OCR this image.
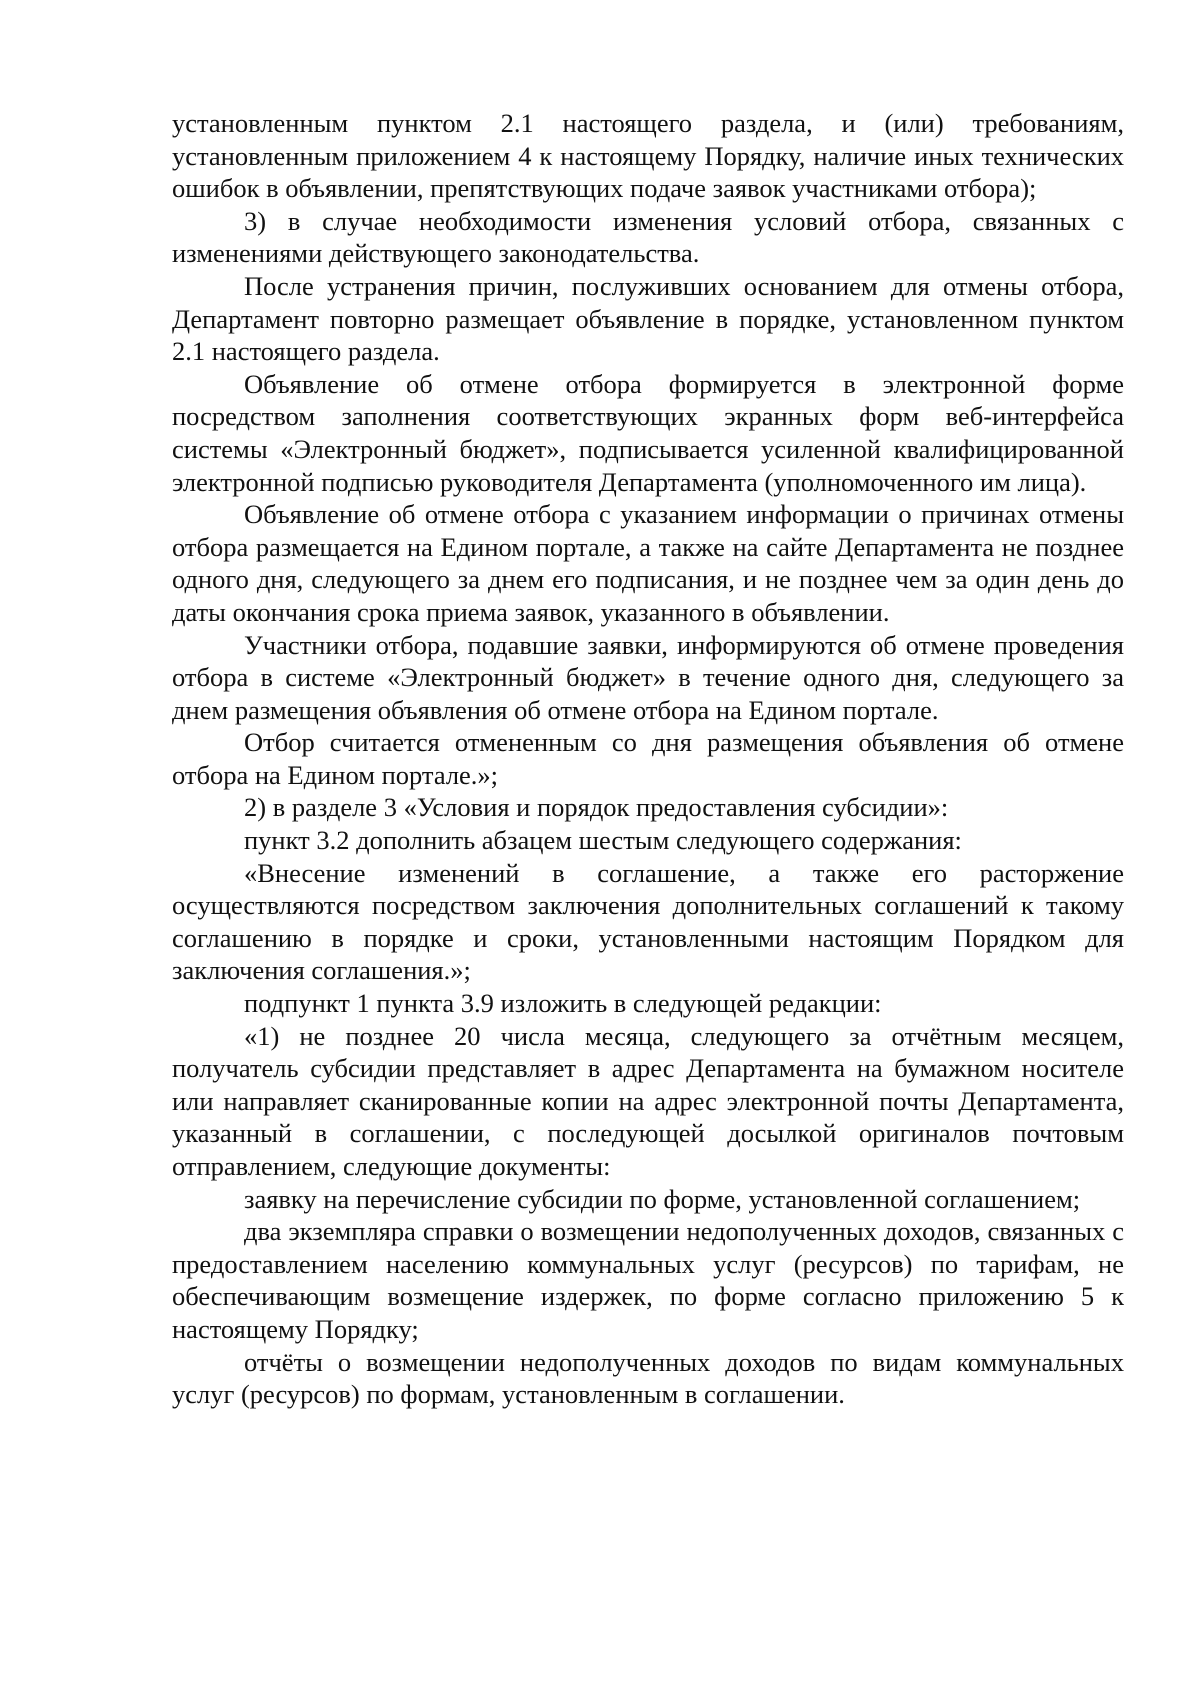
установленным пунктом 2.1 настоящего раздела, и (или) требованиям, установленным приложением 4 к настоящему Порядку, наличие иных технических ошибок в объявлении, препятствующих подаче заявок участниками отбора);

3) в случае необходимости изменения условий отбора, связанных с изменениями действующего законодательства.

После устранения причин, послуживших основанием для отмены отбора, Департамент повторно размещает объявление в порядке, установленном пунктом 2.1 настоящего раздела.

Объявление об отмене отбора формируется в электронной форме посредством заполнения соответствующих экранных форм веб-интерфейса системы «Электронный бюджет», подписывается усиленной квалифицированной электронной подписью руководителя Департамента (уполномоченного им лица).

Объявление об отмене отбора с указанием информации о причинах отмены отбора размещается на Едином портале, а также на сайте Департамента не позднее одного дня, следующего за днем его подписания, и не позднее чем за один день до даты окончания срока приема заявок, указанного в объявлении.

Участники отбора, подавшие заявки, информируются об отмене проведения отбора в системе «Электронный бюджет» в течение одного дня, следующего за днем размещения объявления об отмене отбора на Едином портале.

Отбор считается отмененным со дня размещения объявления об отмене отбора на Едином портале.»;

2) в разделе 3 «Условия и порядок предоставления субсидии»:

пункт 3.2 дополнить абзацем шестым следующего содержания:

«Внесение изменений в соглашение, а также его расторжение осуществляются посредством заключения дополнительных соглашений к такому соглашению в порядке и сроки, установленными настоящим Порядком для заключения соглашения.»;

подпункт 1 пункта 3.9 изложить в следующей редакции:

«1) не позднее 20 числа месяца, следующего за отчётным месяцем, получатель субсидии представляет в адрес Департамента на бумажном носителе или направляет сканированные копии на адрес электронной почты Департамента, указанный в соглашении, с последующей досылкой оригиналов почтовым отправлением, следующие документы:

заявку на перечисление субсидии по форме, установленной соглашением;

два экземпляра справки о возмещении недополученных доходов, связанных с предоставлением населению коммунальных услуг (ресурсов) по тарифам, не обеспечивающим возмещение издержек, по форме согласно приложению 5 к настоящему Порядку;

отчёты о возмещении недополученных доходов по видам коммунальных услуг (ресурсов) по формам, установленным в соглашении.
